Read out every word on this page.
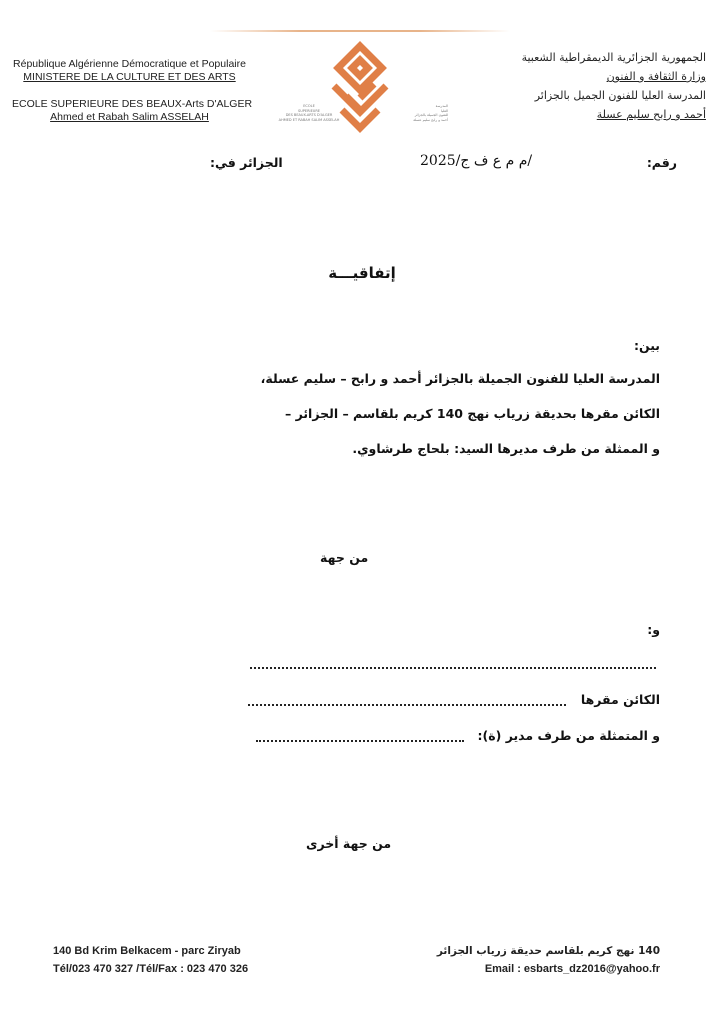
République Algérienne Démocratique et Populaire
MINISTERE DE LA CULTURE ET DES ARTS
ECOLE SUPERIEURE DES BEAUX-Arts D'ALGER
Ahmed et Rabah Salim ASSELAH
ECOLE
SUPERIEURE
DES BEAUX-ARTS D'ALGER
AHMED ET RABAH SALIM ASSELAH
المدرسة
العليا
للفنون الجميلة بالجزائر
أحمد و رابح سليم عسلة
الجمهورية الجزائرية الديمقراطية الشعبية
وزارة الثقافة و الفنون
المدرسة العليا للفنون الجميل بالجزائر
أحمد و رابح سليم عسلة
رقم:
/م م ع ف ج/2025
الجزائر في:
إتفاقيـــة
بين:
المدرسة العليا للفنون الجميلة بالجزائر أحمد و رابح – سليم عسلة،
الكائن مقرها بحديقة زرياب نهج 140 كريم بلقاسم – الجزائر –
و الممثلة من طرف مديرها السيد: بلحاج طرشاوي.
من جهة
و:
الكائن مقرها
و المتمثلة من طرف مدير (ة):
من جهة أخرى
140 Bd Krim Belkacem - parc Ziryab
Tél/023 470 327 /Tél/Fax : 023 470 326
140 نهج كريم بلقاسم حديقة زرياب الجزائر
Email : esbarts_dz2016@yahoo.fr
